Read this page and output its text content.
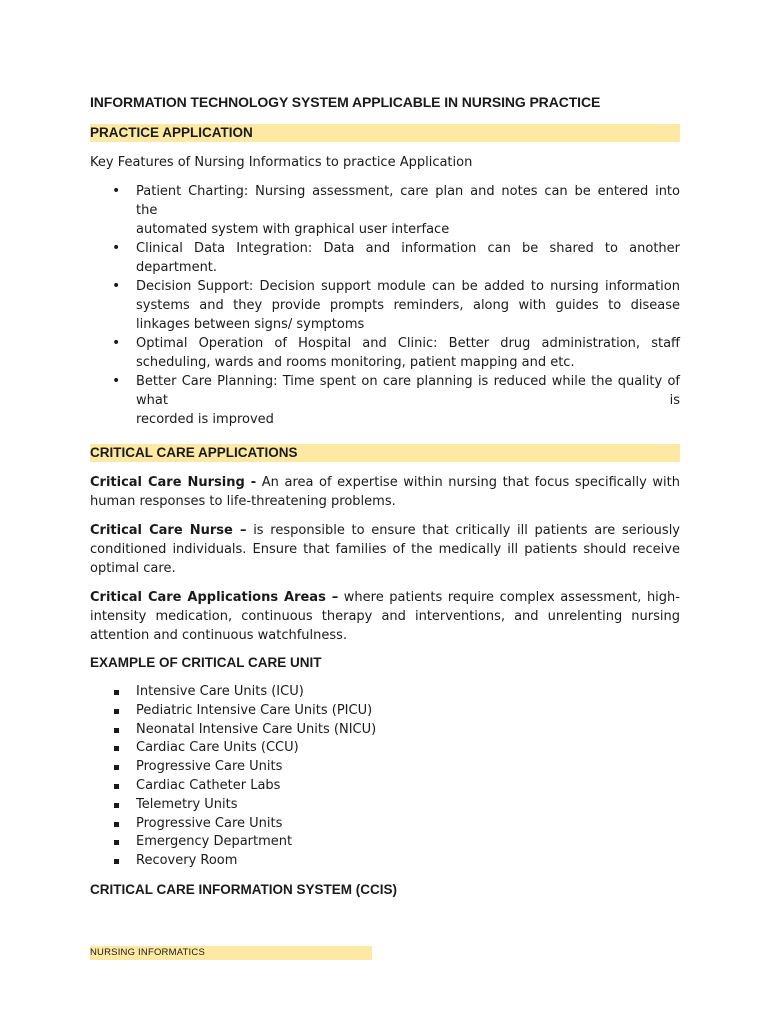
INFORMATION TECHNOLOGY SYSTEM APPLICABLE IN NURSING PRACTICE
PRACTICE APPLICATION

Key Features of Nursing Informatics to practice Application

• Patient Charting: Nursing assessment, care plan and notes can be entered into
the
automated system with graphical user interface
• Clinical Data Integration: Data and information can be shared to another department.
• Decision Support: Decision support module can be added to nursing information systems and they provide prompts reminders, along with guides to disease linkages between signs/ symptoms
• Optimal Operation of Hospital and Clinic: Better drug administration, staff scheduling, wards and rooms monitoring, patient mapping and etc.
• Better Care Planning: Time spent on care planning is reduced while the quality of
what	is
recorded is improved
CRITICAL CARE APPLICATIONS

Critical Care Nursing - An area of expertise within nursing that focus specifically with human responses to life-threatening problems.

Critical Care Nurse – is responsible to ensure that critically ill patients are seriously conditioned individuals. Ensure that families of the medically ill patients should receive optimal care.

Critical Care Applications Areas – where patients require complex assessment, high-intensity medication, continuous therapy and interventions, and unrelenting nursing attention and continuous watchfulness.

EXAMPLE OF CRITICAL CARE UNIT
Intensive Care Units (ICU)
Pediatric Intensive Care Units (PICU)
Neonatal Intensive Care Units (NICU)
Cardiac Care Units (CCU)
Progressive Care Units
Cardiac Catheter Labs
Telemetry Units
Progressive Care Units
Emergency Department
Recovery Room
CRITICAL CARE INFORMATION SYSTEM (CCIS)
NURSING INFORMATICS
